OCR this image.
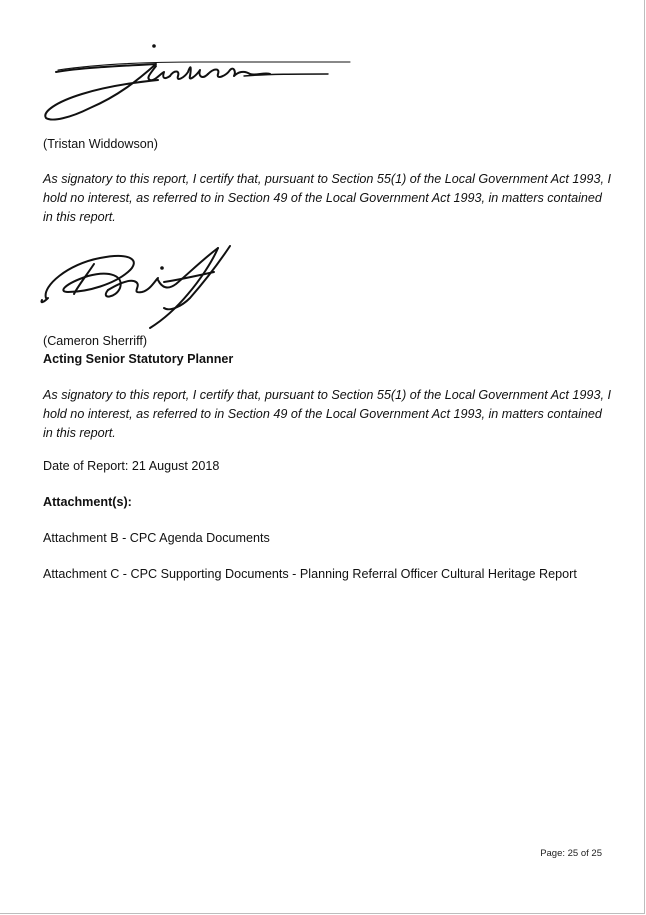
(Tristan Widdowson)

As signatory to this report, I certify that, pursuant to Section 55(1) of the Local Government Act 1993, I hold no interest, as referred to in Section 49 of the Local Government Act 1993, in matters contained in this report.

(Cameron Sherriff)

Acting Senior Statutory Planner

As signatory to this report, I certify that, pursuant to Section 55(1) of the Local Government Act 1993, I hold no interest, as referred to in Section 49 of the Local Government Act 1993, in matters contained in this report.

Date of Report: 21 August 2018

Attachment(s):

Attachment B - CPC Agenda Documents

Attachment C - CPC Supporting Documents - Planning Referral Officer Cultural Heritage Report

Page: 25 of 25
